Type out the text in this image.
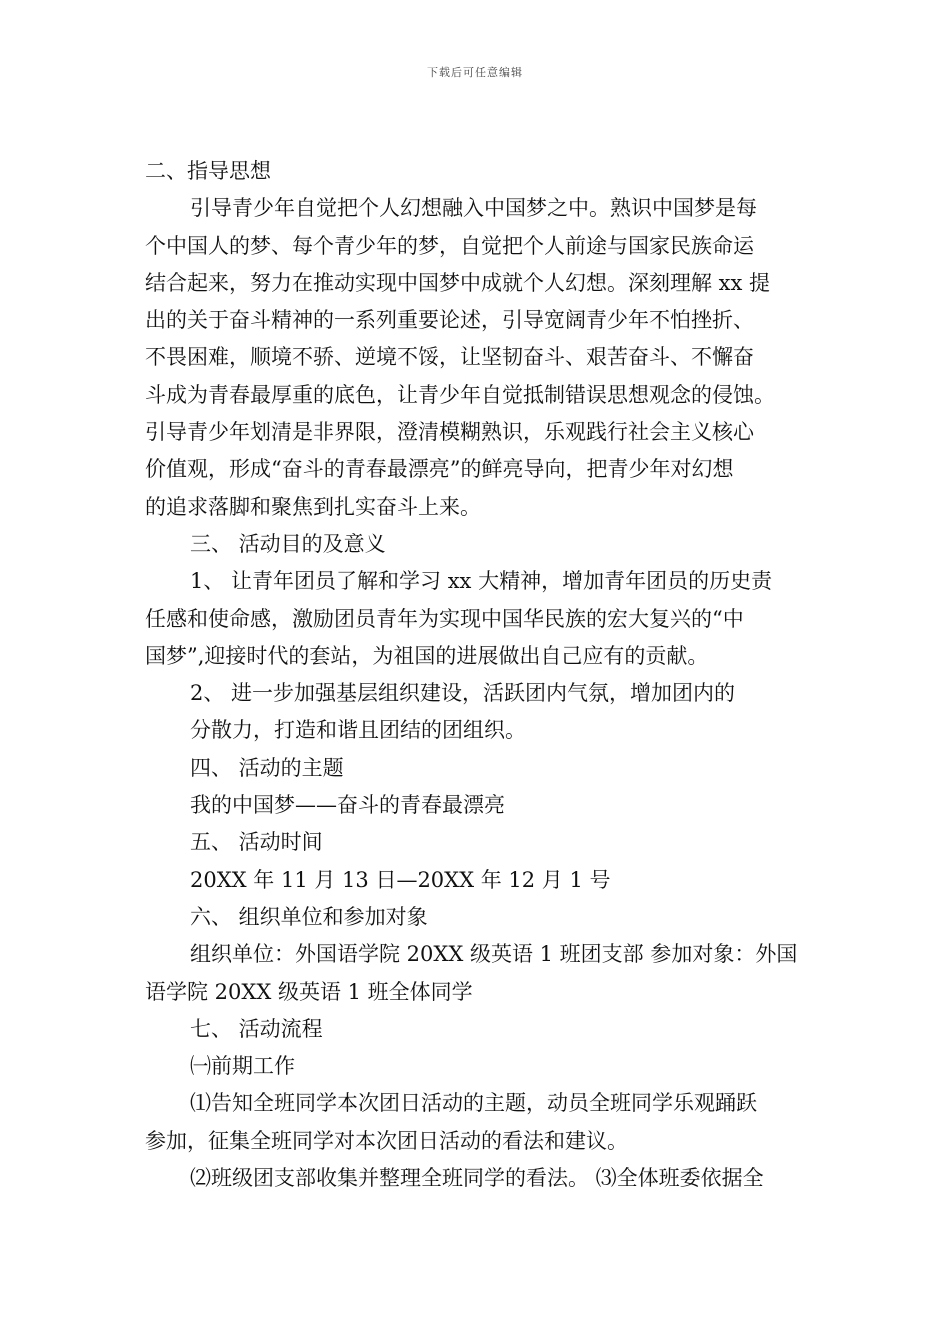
下载后可任意编辑
二、指导思想
引导青少年自觉把个人幻想融入中国梦之中。熟识中国梦是每
个中国人的梦、每个青少年的梦，自觉把个人前途与国家民族命运
结合起来，努力在推动实现中国梦中成就个人幻想。深刻理解 xx 提
出的关于奋斗精神的一系列重要论述，引导宽阔青少年不怕挫折、
不畏困难，顺境不骄、逆境不馁，让坚韧奋斗、艰苦奋斗、不懈奋
斗成为青春最厚重的底色，让青少年自觉抵制错误思想观念的侵蚀。
引导青少年划清是非界限，澄清模糊熟识，乐观践行社会主义核心
价值观，形成“奋斗的青春最漂亮”的鲜亮导向，把青少年对幻想
的追求落脚和聚焦到扎实奋斗上来。
三、 活动目的及意义
1、 让青年团员了解和学习 xx 大精神，增加青年团员的历史责
任感和使命感，激励团员青年为实现中国华民族的宏大复兴的“中
国梦”,迎接时代的套站，为祖国的进展做出自己应有的贡献。
2、 进一步加强基层组织建设，活跃团内气氛，增加团内的
分散力，打造和谐且团结的团组织。
四、 活动的主题
我的中国梦——奋斗的青春最漂亮
五、 活动时间
20XX 年 11 月 13 日—20XX 年 12 月 1 号
六、 组织单位和参加对象
组织单位：外国语学院 20XX 级英语 1 班团支部 参加对象：外国
语学院 20XX 级英语 1 班全体同学
七、 活动流程
㈠前期工作
⑴告知全班同学本次团日活动的主题，动员全班同学乐观踊跃
参加，征集全班同学对本次团日活动的看法和建议。
⑵班级团支部收集并整理全班同学的看法。 ⑶全体班委依据全
